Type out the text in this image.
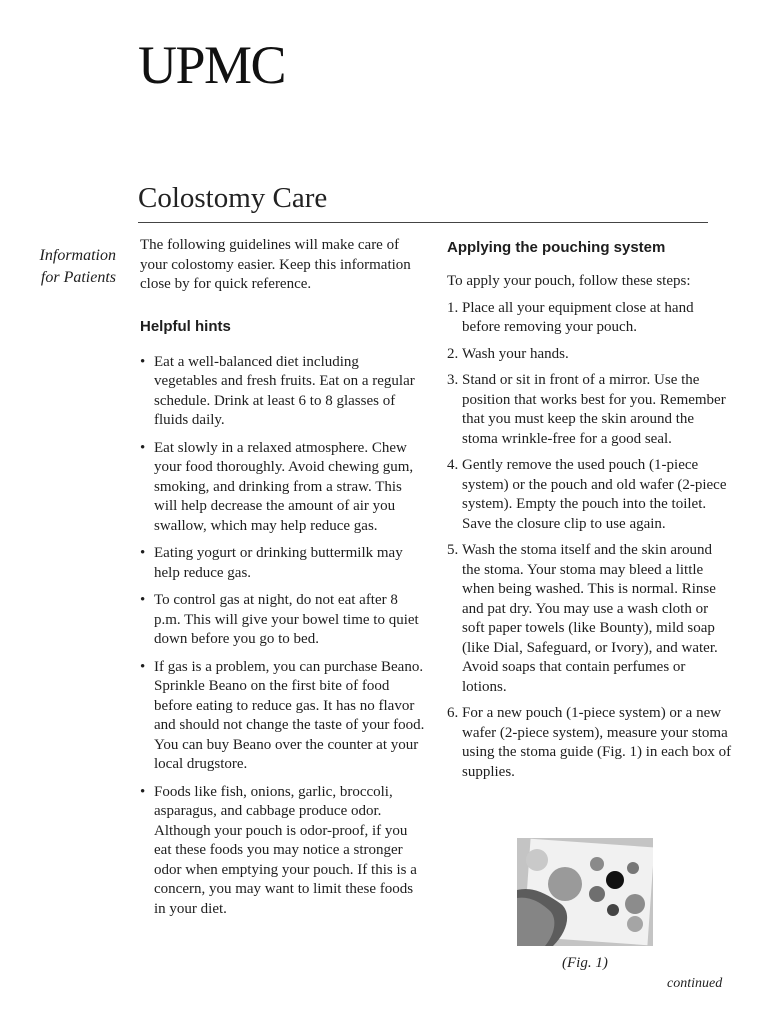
UPMC
Colostomy Care
Information
for Patients

The following guidelines will make care of your colostomy easier. Keep this information close by for quick reference.

Helpful hints
• Eat a well-balanced diet including vegetables and fresh fruits. Eat on a regular schedule. Drink at least 6 to 8 glasses of fluids daily.
• Eat slowly in a relaxed atmosphere. Chew your food thoroughly. Avoid chewing gum, smoking, and drinking from a straw. This will help decrease the amount of air you swallow, which may help reduce gas.
• Eating yogurt or drinking buttermilk may help reduce gas.
• To control gas at night, do not eat after 8 p.m. This will give your bowel time to quiet down before you go to bed.
• If gas is a problem, you can purchase Beano. Sprinkle Beano on the first bite of food before eating to reduce gas. It has no flavor and should not change the taste of your food. You can buy Beano over the counter at your local drugstore.
• Foods like fish, onions, garlic, broccoli, asparagus, and cabbage produce odor. Although your pouch is odor-proof, if you eat these foods you may notice a stronger odor when emptying your pouch. If this is a concern, you may want to limit these foods in your diet.
Applying the pouching system

To apply your pouch, follow these steps:

1. Place all your equipment close at hand before removing your pouch.
2. Wash your hands.
3. Stand or sit in front of a mirror. Use the position that works best for you. Remember that you must keep the skin around the stoma wrinkle-free for a good seal.
4. Gently remove the used pouch (1-piece system) or the pouch and old wafer (2-piece system). Empty the pouch into the toilet. Save the closure clip to use again.
5. Wash the stoma itself and the skin around the stoma. Your stoma may bleed a little when being washed. This is normal. Rinse and pat dry. You may use a wash cloth or soft paper towels (like Bounty), mild soap (like Dial, Safeguard, or Ivory), and water. Avoid soaps that contain perfumes or lotions.
6. For a new pouch (1-piece system) or a new wafer (2-piece system), measure your stoma using the stoma guide (Fig. 1) in each box of supplies.
(Fig. 1)
continued
